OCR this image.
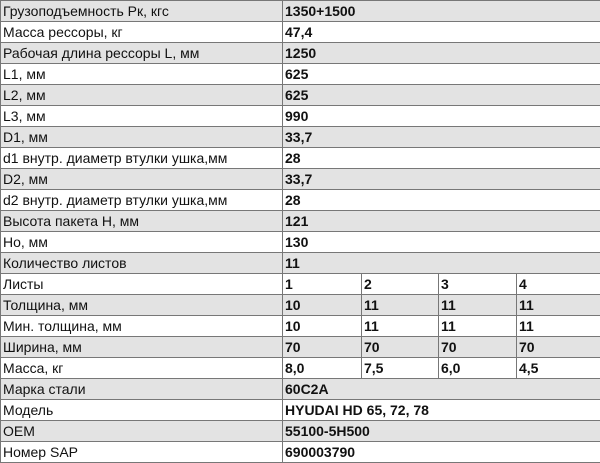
Грузоподъемность Рк, кгс	1350+1500			
Масса рессоры, кг	47,4			
Рабочая длина рессоры L, мм	1250			
L1, мм	625			
L2, мм	625			
L3, мм	990			
D1, мм	33,7			
d1 внутр. диаметр втулки ушка,мм	28			
D2, мм	33,7			
d2 внутр. диаметр втулки ушка,мм	28			
Высота пакета H, мм	121			
Ho, мм	130			
Количество листов	11			
Листы	1	2	3	4
Толщина, мм	10	11	11	11
Мин. толщина, мм	10	11	11	11
Ширина, мм	70	70	70	70
Масса, кг	8,0	7,5	6,0	4,5
Марка стали	60С2А			
Модель	HYUDAI HD 65, 72, 78			
OEM	55100-5H500			
Номер SAP	690003790			
